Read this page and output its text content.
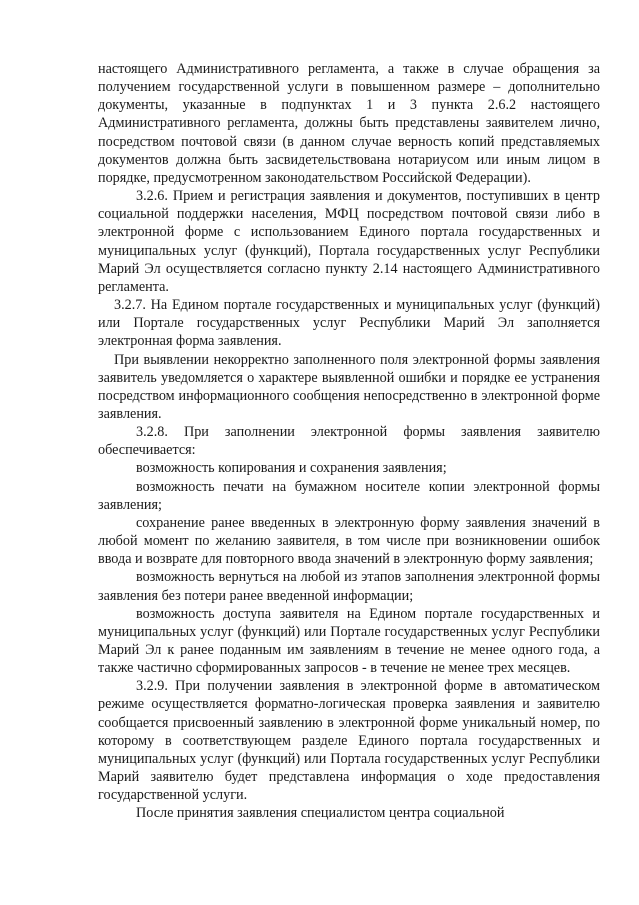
настоящего Административного регламента, а также в случае обращения за получением государственной услуги в повышенном размере – дополнительно документы, указанные в подпунктах 1 и 3 пункта 2.6.2 настоящего Административного регламента, должны быть представлены заявителем лично, посредством почтовой связи (в данном случае верность копий представляемых документов должна быть засвидетельствована нотариусом или иным лицом в порядке, предусмотренном законодательством Российской Федерации).

3.2.6. Прием и регистрация заявления и документов, поступивших в центр социальной поддержки населения, МФЦ посредством почтовой связи либо в электронной форме с использованием Единого портала государственных и муниципальных услуг (функций), Портала государственных услуг Республики Марий Эл осуществляется согласно пункту 2.14 настоящего Административного регламента.

3.2.7. На Едином портале государственных и муниципальных услуг (функций) или Портале государственных услуг Республики Марий Эл заполняется электронная форма заявления.

При выявлении некорректно заполненного поля электронной формы заявления заявитель уведомляется о характере выявленной ошибки и порядке ее устранения посредством информационного сообщения непосредственно в электронной форме заявления.

3.2.8. При заполнении электронной формы заявления заявителю обеспечивается:

возможность копирования и сохранения заявления;

возможность печати на бумажном носителе копии электронной формы заявления;

сохранение ранее введенных в электронную форму заявления значений в любой момент по желанию заявителя, в том числе при возникновении ошибок ввода и возврате для повторного ввода значений в электронную форму заявления;

возможность вернуться на любой из этапов заполнения электронной формы заявления без потери ранее введенной информации;

возможность доступа заявителя на Едином портале государственных и муниципальных услуг (функций) или Портале государственных услуг Республики Марий Эл к ранее поданным им заявлениям в течение не менее одного года, а также частично сформированных запросов - в течение не менее трех месяцев.

3.2.9. При получении заявления в электронной форме в автоматическом режиме осуществляется форматно-логическая проверка заявления и заявителю сообщается присвоенный заявлению в электронной форме уникальный номер, по которому в соответствующем разделе Единого портала государственных и муниципальных услуг (функций) или Портала государственных услуг Республики Марий заявителю будет представлена информация о ходе предоставления государственной услуги.

После принятия заявления специалистом центра социальной
